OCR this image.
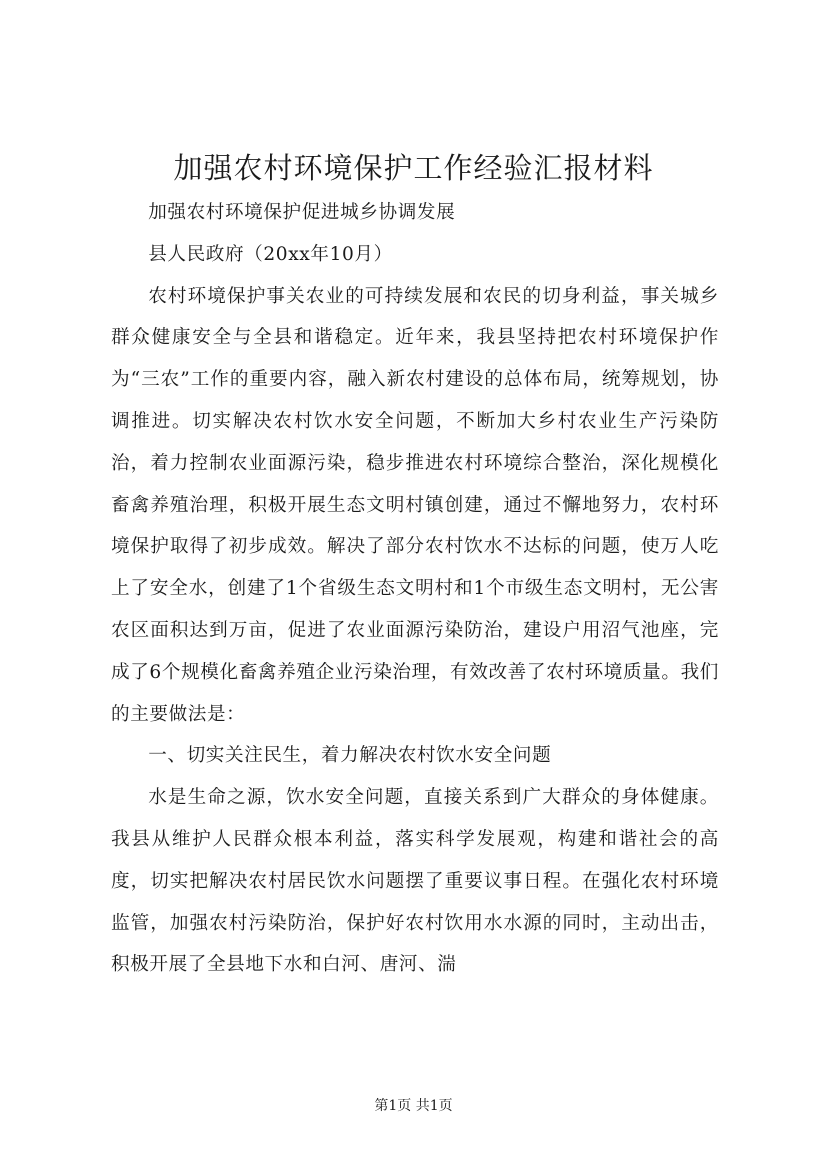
加强农村环境保护工作经验汇报材料

加强农村环境保护促进城乡协调发展

县人民政府（20xx年10月）

农村环境保护事关农业的可持续发展和农民的切身利益，事关城乡群众健康安全与全县和谐稳定。近年来，我县坚持把农村环境保护作为“三农”工作的重要内容，融入新农村建设的总体布局，统筹规划，协调推进。切实解决农村饮水安全问题，不断加大乡村农业生产污染防治，着力控制农业面源污染，稳步推进农村环境综合整治，深化规模化畜禽养殖治理，积极开展生态文明村镇创建，通过不懈地努力，农村环境保护取得了初步成效。解决了部分农村饮水不达标的问题，使万人吃上了安全水，创建了1个省级生态文明村和1个市级生态文明村，无公害农区面积达到万亩，促进了农业面源污染防治，建设户用沼气池座，完成了6个规模化畜禽养殖企业污染治理，有效改善了农村环境质量。我们的主要做法是：

一、切实关注民生，着力解决农村饮水安全问题

水是生命之源，饮水安全问题，直接关系到广大群众的身体健康。我县从维护人民群众根本利益，落实科学发展观，构建和谐社会的高度，切实把解决农村居民饮水问题摆了重要议事日程。在强化农村环境监管，加强农村污染防治，保护好农村饮用水水源的同时，主动出击，积极开展了全县地下水和白河、唐河、湍

第1页 共1页
